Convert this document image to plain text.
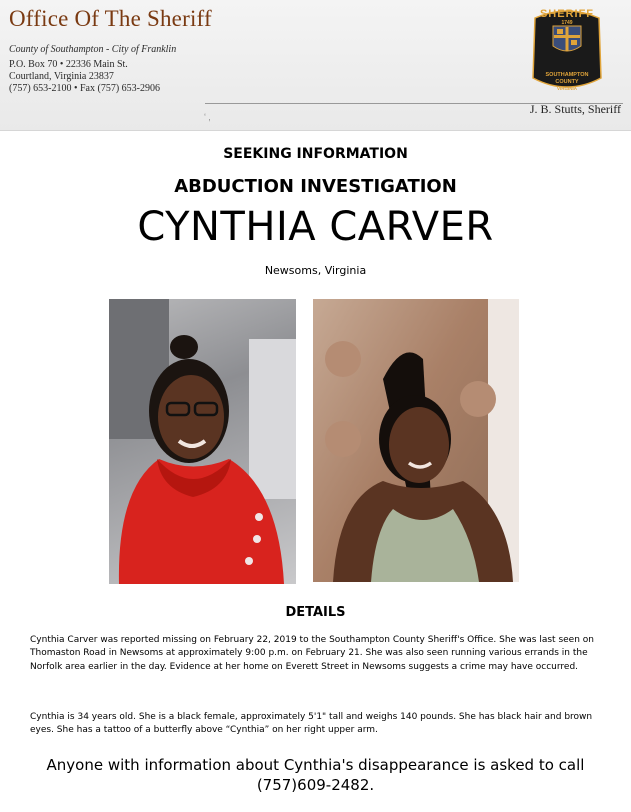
Office Of The Sheriff
County of Southampton - City of Franklin
P.O. Box 70 • 22336 Main St.
Courtland, Virginia 23837
(757) 653-2100 • Fax (757) 653-2906
‘ ‚
J. B. Stutts, Sheriff
SHERIFF
1749
SOUTHAMPTON
COUNTY
VIRGINIA
SEEKING INFORMATION
ABDUCTION INVESTIGATION
CYNTHIA CARVER
Newsoms, Virginia
DETAILS

Cynthia Carver was reported missing on February 22, 2019 to the Southampton County Sheriff's Office. She was last seen on Thomaston Road in Newsoms at approximately 9:00 p.m. on February 21. She was also seen running various errands in the Norfolk area earlier in the day. Evidence at her home on Everett Street in Newsoms suggests a crime may have occurred.

Cynthia is 34 years old. She is a black female, approximately 5'1" tall and weighs 140 pounds. She has black hair and brown eyes. She has a tattoo of a butterfly above “Cynthia” on her right upper arm.

Anyone with information about Cynthia's disappearance is asked to call (757)609-2482.
